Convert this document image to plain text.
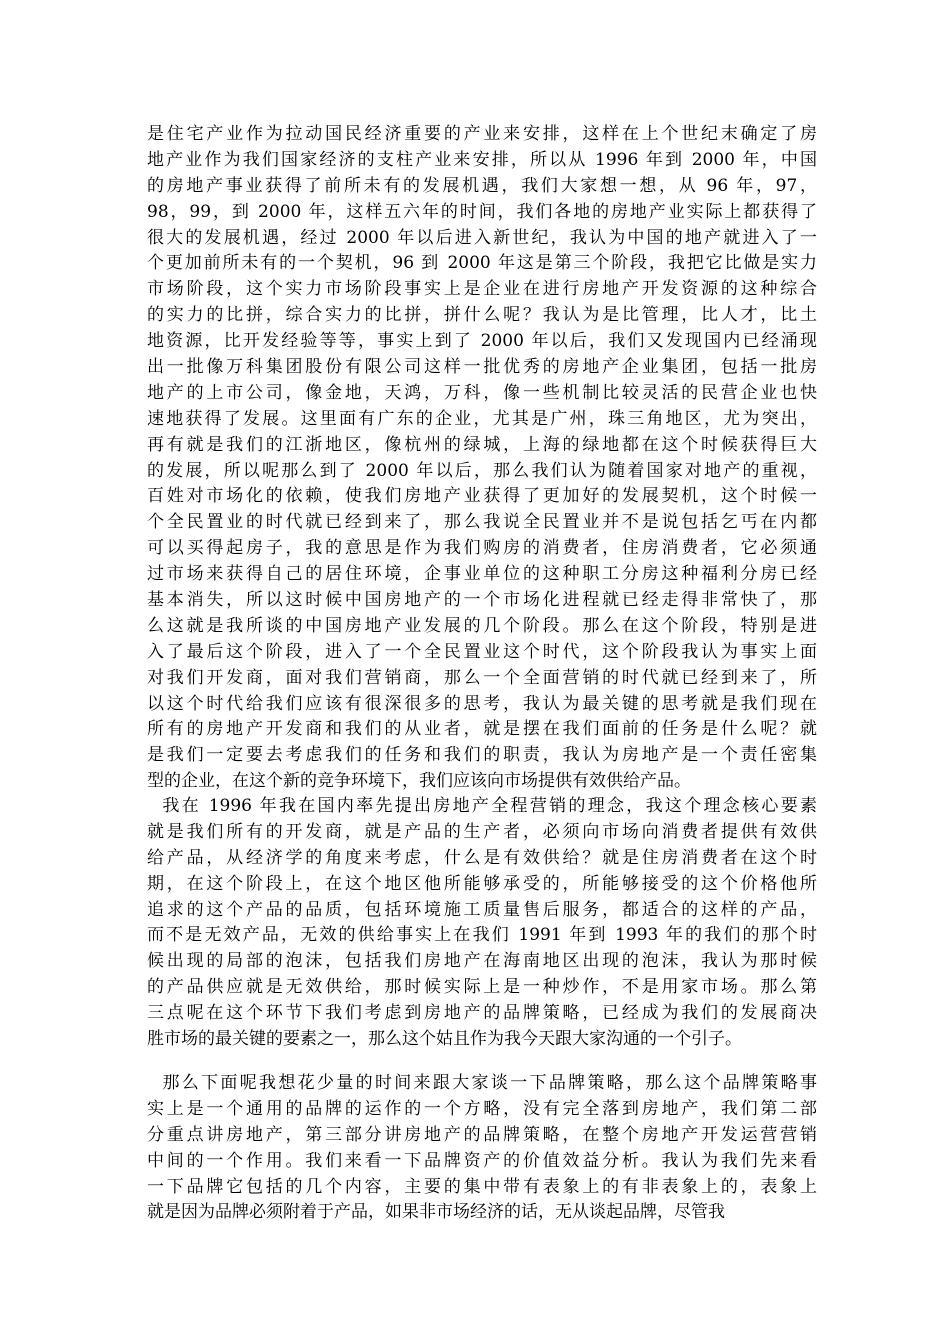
是住宅产业作为拉动国民经济重要的产业来安排，这样在上个世纪末确定了房
地产业作为我们国家经济的支柱产业来安排，所以从 1996 年到 2000 年，中国
的房地产事业获得了前所未有的发展机遇，我们大家想一想，从 96 年，97，
98，99，到 2000 年，这样五六年的时间，我们各地的房地产业实际上都获得了
很大的发展机遇，经过 2000 年以后进入新世纪，我认为中国的地产就进入了一
个更加前所未有的一个契机，96 到 2000 年这是第三个阶段，我把它比做是实力
市场阶段，这个实力市场阶段事实上是企业在进行房地产开发资源的这种综合
的实力的比拼，综合实力的比拼，拼什么呢？我认为是比管理，比人才，比土
地资源，比开发经验等等，事实上到了 2000 年以后，我们又发现国内已经涌现
出一批像万科集团股份有限公司这样一批优秀的房地产企业集团，包括一批房
地产的上市公司，像金地，天鸿，万科，像一些机制比较灵活的民营企业也快
速地获得了发展。这里面有广东的企业，尤其是广州，珠三角地区，尤为突出，
再有就是我们的江浙地区，像杭州的绿城，上海的绿地都在这个时候获得巨大
的发展，所以呢那么到了 2000 年以后，那么我们认为随着国家对地产的重视，
百姓对市场化的依赖，使我们房地产业获得了更加好的发展契机，这个时候一
个全民置业的时代就已经到来了，那么我说全民置业并不是说包括乞丐在内都
可以买得起房子，我的意思是作为我们购房的消费者，住房消费者，它必须通
过市场来获得自己的居住环境，企事业单位的这种职工分房这种福利分房已经
基本消失，所以这时候中国房地产的一个市场化进程就已经走得非常快了，那
么这就是我所谈的中国房地产业发展的几个阶段。那么在这个阶段，特别是进
入了最后这个阶段，进入了一个全民置业这个时代，这个阶段我认为事实上面
对我们开发商，面对我们营销商，那么一个全面营销的时代就已经到来了，所
以这个时代给我们应该有很深很多的思考，我认为最关键的思考就是我们现在
所有的房地产开发商和我们的从业者，就是摆在我们面前的任务是什么呢？就
是我们一定要去考虑我们的任务和我们的职责，我认为房地产是一个责任密集
型的企业，在这个新的竞争环境下，我们应该向市场提供有效供给产品。
我在 1996 年我在国内率先提出房地产全程营销的理念，我这个理念核心要素
就是我们所有的开发商，就是产品的生产者，必须向市场向消费者提供有效供
给产品，从经济学的角度来考虑，什么是有效供给？就是住房消费者在这个时
期，在这个阶段上，在这个地区他所能够承受的，所能够接受的这个价格他所
追求的这个产品的品质，包括环境施工质量售后服务，都适合的这样的产品，
而不是无效产品，无效的供给事实上在我们 1991 年到 1993 年的我们的那个时
候出现的局部的泡沫，包括我们房地产在海南地区出现的泡沫，我认为那时候
的产品供应就是无效供给，那时候实际上是一种炒作，不是用家市场。那么第
三点呢在这个环节下我们考虑到房地产的品牌策略，已经成为我们的发展商决
胜市场的最关键的要素之一，那么这个姑且作为我今天跟大家沟通的一个引子。
那么下面呢我想花少量的时间来跟大家谈一下品牌策略，那么这个品牌策略事
实上是一个通用的品牌的运作的一个方略，没有完全落到房地产，我们第二部
分重点讲房地产，第三部分讲房地产的品牌策略，在整个房地产开发运营营销
中间的一个作用。我们来看一下品牌资产的价值效益分析。我认为我们先来看
一下品牌它包括的几个内容，主要的集中带有表象上的有非表象上的，表象上
就是因为品牌必须附着于产品，如果非市场经济的话，无从谈起品牌，尽管我
